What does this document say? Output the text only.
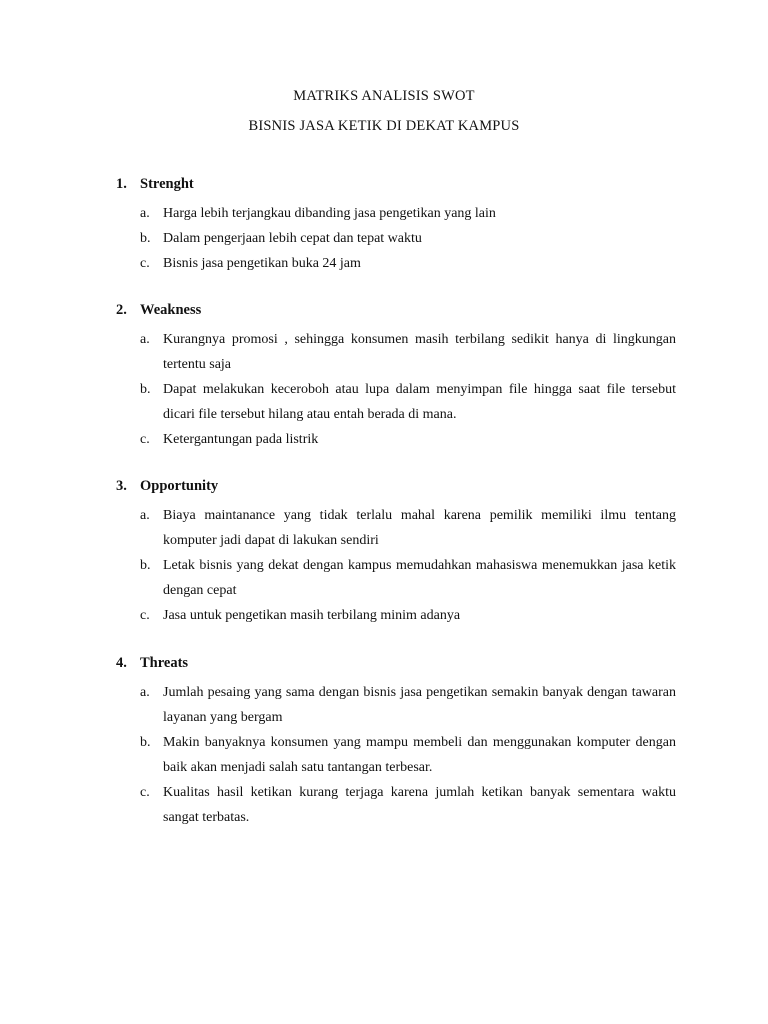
MATRIKS ANALISIS SWOT
BISNIS JASA KETIK DI DEKAT KAMPUS
1. Strenght
a. Harga lebih terjangkau dibanding jasa pengetikan yang lain
b. Dalam pengerjaan lebih cepat dan tepat waktu
c. Bisnis jasa pengetikan buka 24 jam
2. Weakness
a. Kurangnya promosi , sehingga konsumen masih terbilang sedikit hanya di lingkungan tertentu saja
b. Dapat melakukan keceroboh atau lupa dalam menyimpan file hingga saat file tersebut dicari file tersebut hilang atau entah berada di mana.
c. Ketergantungan pada listrik
3. Opportunity
a. Biaya maintanance yang tidak terlalu mahal karena pemilik memiliki ilmu tentang komputer jadi dapat di lakukan sendiri
b. Letak bisnis yang dekat dengan kampus memudahkan mahasiswa menemukkan jasa ketik dengan cepat
c. Jasa untuk pengetikan masih terbilang minim adanya
4. Threats
a. Jumlah pesaing yang sama dengan bisnis jasa pengetikan semakin banyak dengan tawaran layanan yang bergam
b. Makin banyaknya konsumen yang mampu membeli dan menggunakan komputer dengan baik akan menjadi salah satu tantangan terbesar.
c. Kualitas hasil ketikan kurang terjaga karena jumlah ketikan banyak sementara waktu sangat terbatas.
